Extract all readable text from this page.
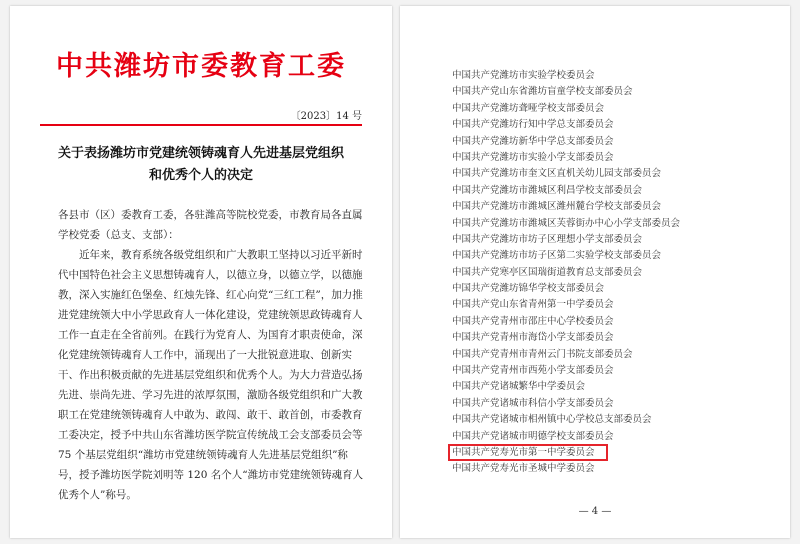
中共潍坊市委教育工委
〔2023〕14 号
关于表扬潍坊市党建统领铸魂育人先进基层党组织
和优秀个人的决定

各县市（区）委教育工委，各驻潍高等院校党委，市教育局各直属学校党委（总支、支部）：

近年来，教育系统各级党组织和广大教职工坚持以习近平新时代中国特色社会主义思想铸魂育人，以德立身，以德立学，以德施教，深入实施红色堡垒、红烛先锋、红心向党“三红工程”，加力推进党建统领大中小学思政育人一体化建设，党建统领思政铸魂育人工作一直走在全省前列。在践行为党育人、为国育才职责使命，深化党建统领铸魂育人工作中，涌现出了一大批锐意进取、创新实干、作出积极贡献的先进基层党组织和优秀个人。为大力营造弘扬先进、崇尚先进、学习先进的浓厚氛围，激励各级党组织和广大教职工在党建统领铸魂育人中敢为、敢闯、敢干、敢首创，市委教育工委决定，授予中共山东省潍坊医学院宣传统战工会支部委员会等 75 个基层党组织“潍坊市党建统领铸魂育人先进基层党组织”称号，授予潍坊医学院刘明等 120 名个人“潍坊市党建统领铸魂育人优秀个人”称号。

中国共产党潍坊市实验学校委员会
中国共产党山东省潍坊盲童学校支部委员会
中国共产党潍坊聋哑学校支部委员会
中国共产党潍坊行知中学总支部委员会
中国共产党潍坊新华中学总支部委员会
中国共产党潍坊市实验小学支部委员会
中国共产党潍坊市奎文区直机关幼儿园支部委员会
中国共产党潍坊市潍城区利昌学校支部委员会
中国共产党潍坊市潍城区潍州麓台学校支部委员会
中国共产党潍坊市潍城区芙蓉街办中心小学支部委员会
中国共产党潍坊市坊子区理想小学支部委员会
中国共产党潍坊市坊子区第二实验学校支部委员会
中国共产党寒亭区国瑞街道教育总支部委员会
中国共产党潍坊锦华学校支部委员会
中国共产党山东省青州第一中学委员会
中国共产党青州市邵庄中心学校委员会
中国共产党青州市海岱小学支部委员会
中国共产党青州市青州云门书院支部委员会
中国共产党青州市西苑小学支部委员会
中国共产党诸城繁华中学委员会
中国共产党诸城市科信小学支部委员会
中国共产党诸城市相州镇中心学校总支部委员会
中国共产党诸城市明德学校支部委员会
中国共产党寿光市第一中学委员会
中国共产党寿光市圣城中学委员会
— 4 —
